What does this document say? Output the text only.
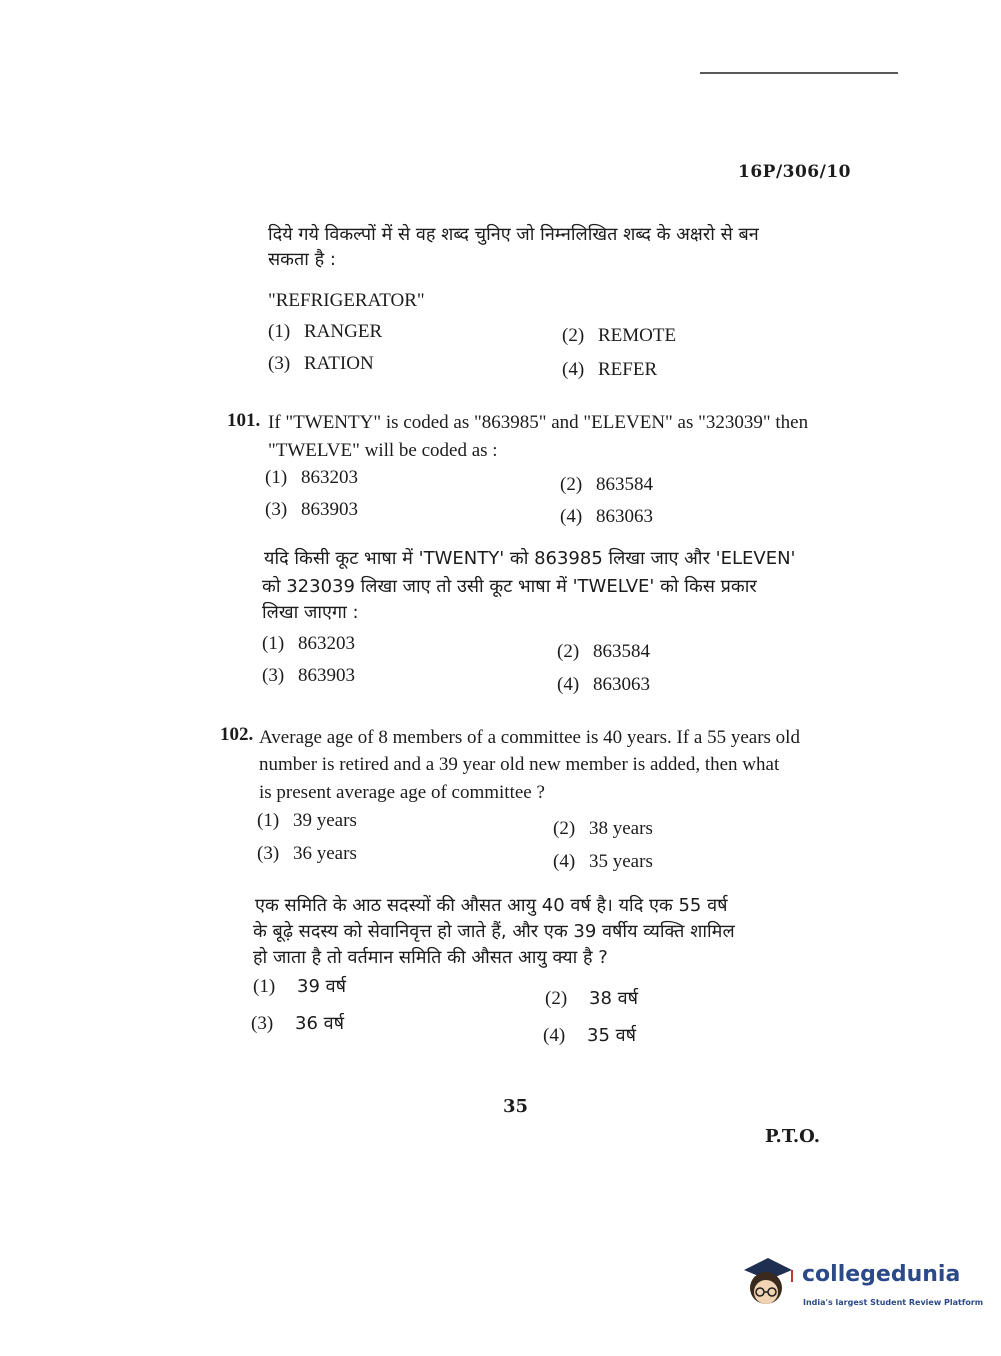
16P/306/10
दिये गये विकल्पों में से वह शब्द चुनिए जो निम्नलिखित शब्द के अक्षरो से बन
सकता है :
"REFRIGERATOR"
(1) RANGER	(2) REMOTE
(3) RATION	(4) REFER
101. If "TWENTY" is coded as "863985" and "ELEVEN" as "323039" then
"TWELVE" will be coded as :
(1) 863203	(2) 863584
(3) 863903	(4) 863063
यदि किसी कूट भाषा में 'TWENTY' को 863985 लिखा जाए और 'ELEVEN'
को 323039 लिखा जाए तो उसी कूट भाषा में 'TWELVE' को किस प्रकार
लिखा जाएगा :
(1) 863203	(2) 863584
(3) 863903	(4) 863063
102. Average age of 8 members of a committee is 40 years. If a 55 years old
number is retired and a 39 year old new member is added, then what
is present average age of committee ?
(1) 39 years	(2) 38 years
(3) 36 years	(4) 35 years
एक समिति के आठ सदस्यों की औसत आयु 40 वर्ष है। यदि एक 55 वर्ष
के बूढ़े सदस्य को सेवानिवृत्त हो जाते हैं, और एक 39 वर्षीय व्यक्ति शामिल
हो जाता है तो वर्तमान समिति की औसत आयु क्या है ?
(1) 39 वर्ष
(2) 38 वर्ष
(3) 36 वर्ष
(4) 35 वर्ष
35
P.T.O.
collegedunia
India's largest Student Review Platform
